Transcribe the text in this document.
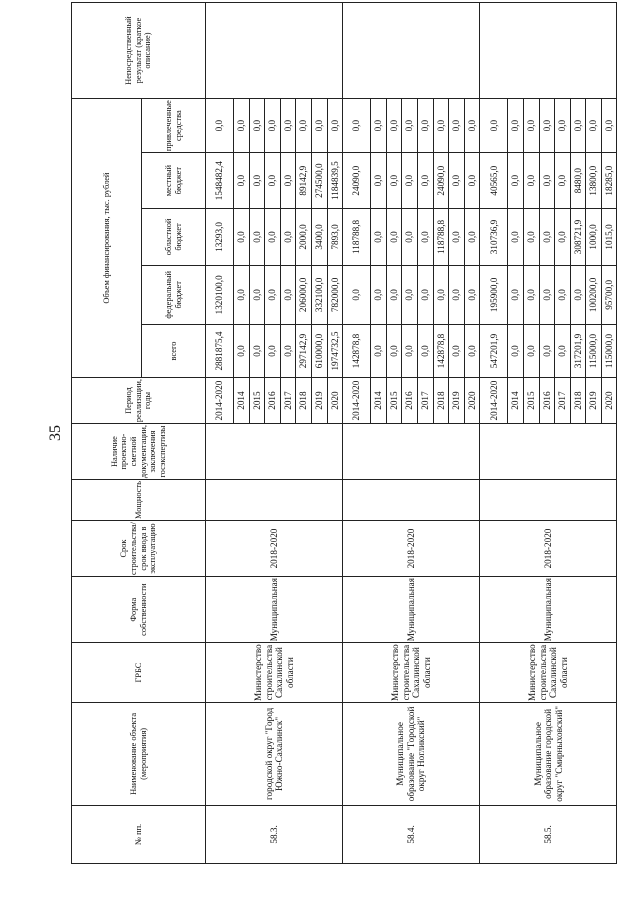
35
№ пп.	Наименование объекта (мероприятия)	ГРБС	Форма собственности	Срок строительства/срок ввода в эксплуатацию	Мощность	Наличие проектно-сметной документации, заключения госэкспертизы	Период реализации, годы	Объем финансирования, тыс. рублей					Непосредственный результат (краткое описание)
								всего	федеральный бюджет	областной бюджет	местный бюджет	привлеченные средства	
58.3.	городской округ "Город Южно-Сахалинск"	Министерство строительства Сахалинской области	Муниципальная	2018-2020			2014-2020	2881875,4	1320100,0	13293,0	1548482,4	0,0	
							2014	0,0	0,0	0,0	0,0	0,0	
							2015	0,0	0,0	0,0	0,0	0,0	
							2016	0,0	0,0	0,0	0,0	0,0	
							2017	0,0	0,0	0,0	0,0	0,0	
							2018	297142,9	206000,0	2000,0	89142,9	0,0	
							2019	610000,0	332100,0	3400,0	274500,0	0,0	
							2020	1974732,5	782000,0	7893,0	1184839,5	0,0	
58.4.	Муниципальное образование "Городской округ Ногликский"	Министерство строительства Сахалинской области	Муниципальная	2018-2020			2014-2020	142878,8	0,0	118788,8	24090,0	0,0	
							2014	0,0	0,0	0,0	0,0	0,0	
							2015	0,0	0,0	0,0	0,0	0,0	
							2016	0,0	0,0	0,0	0,0	0,0	
							2017	0,0	0,0	0,0	0,0	0,0	
							2018	142878,8	0,0	118788,8	24090,0	0,0	
							2019	0,0	0,0	0,0	0,0	0,0	
							2020	0,0	0,0	0,0	0,0	0,0	
58.5.	Муниципальное образование городской округ "Смирныховский"	Министерство строительства Сахалинской области	Муниципальная	2018-2020			2014-2020	547201,9	195900,0	310736,9	40565,0	0,0	
							2014	0,0	0,0	0,0	0,0	0,0	
							2015	0,0	0,0	0,0	0,0	0,0	
							2016	0,0	0,0	0,0	0,0	0,0	
							2017	0,0	0,0	0,0	0,0	0,0	
							2018	317201,9	0,0	308721,9	8480,0	0,0	
							2019	115000,0	100200,0	1000,0	13800,0	0,0	
							2020	115000,0	95700,0	1015,0	18285,0	0,0	
